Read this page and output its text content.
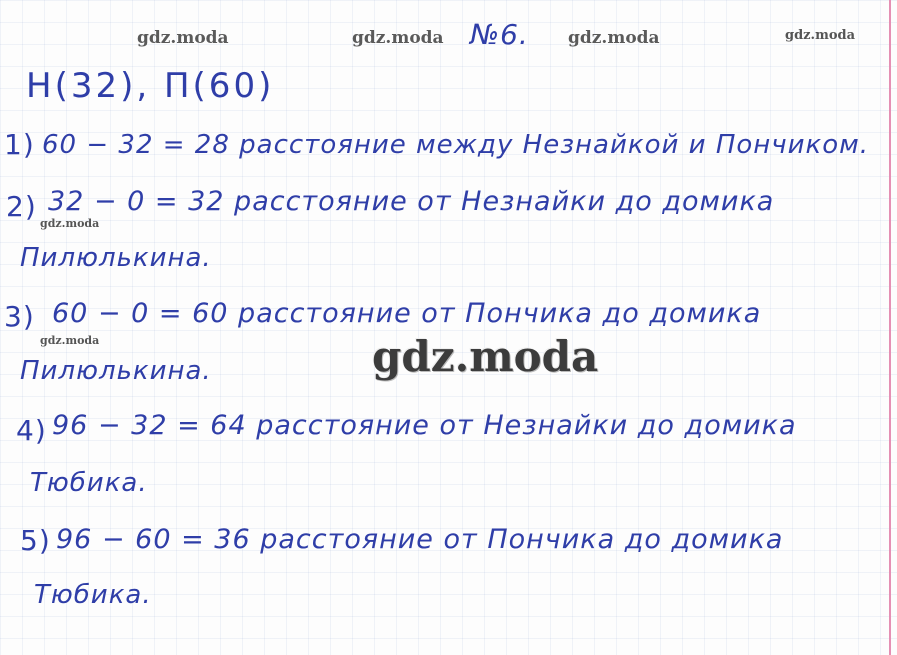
gdz.moda	gdz.moda	gdz.moda	gdz.moda
№6.
Н(32), П(60)
1) 60 − 32 = 28 расстояние между Незнайкой и Пончиком.
2) 32 − 0 = 32 расстояние от Незнайки до домика
gdz.moda
Пилюлькина.
3) 60 − 0 = 60 расстояние от Пончика до домика
gdz.moda
Пилюлькина.	gdz.moda
4) 96 − 32 = 64 расстояние от Незнайки до домика
Тюбика.
5) 96 − 60 = 36 расстояние от Пончика до домика
Тюбика.
